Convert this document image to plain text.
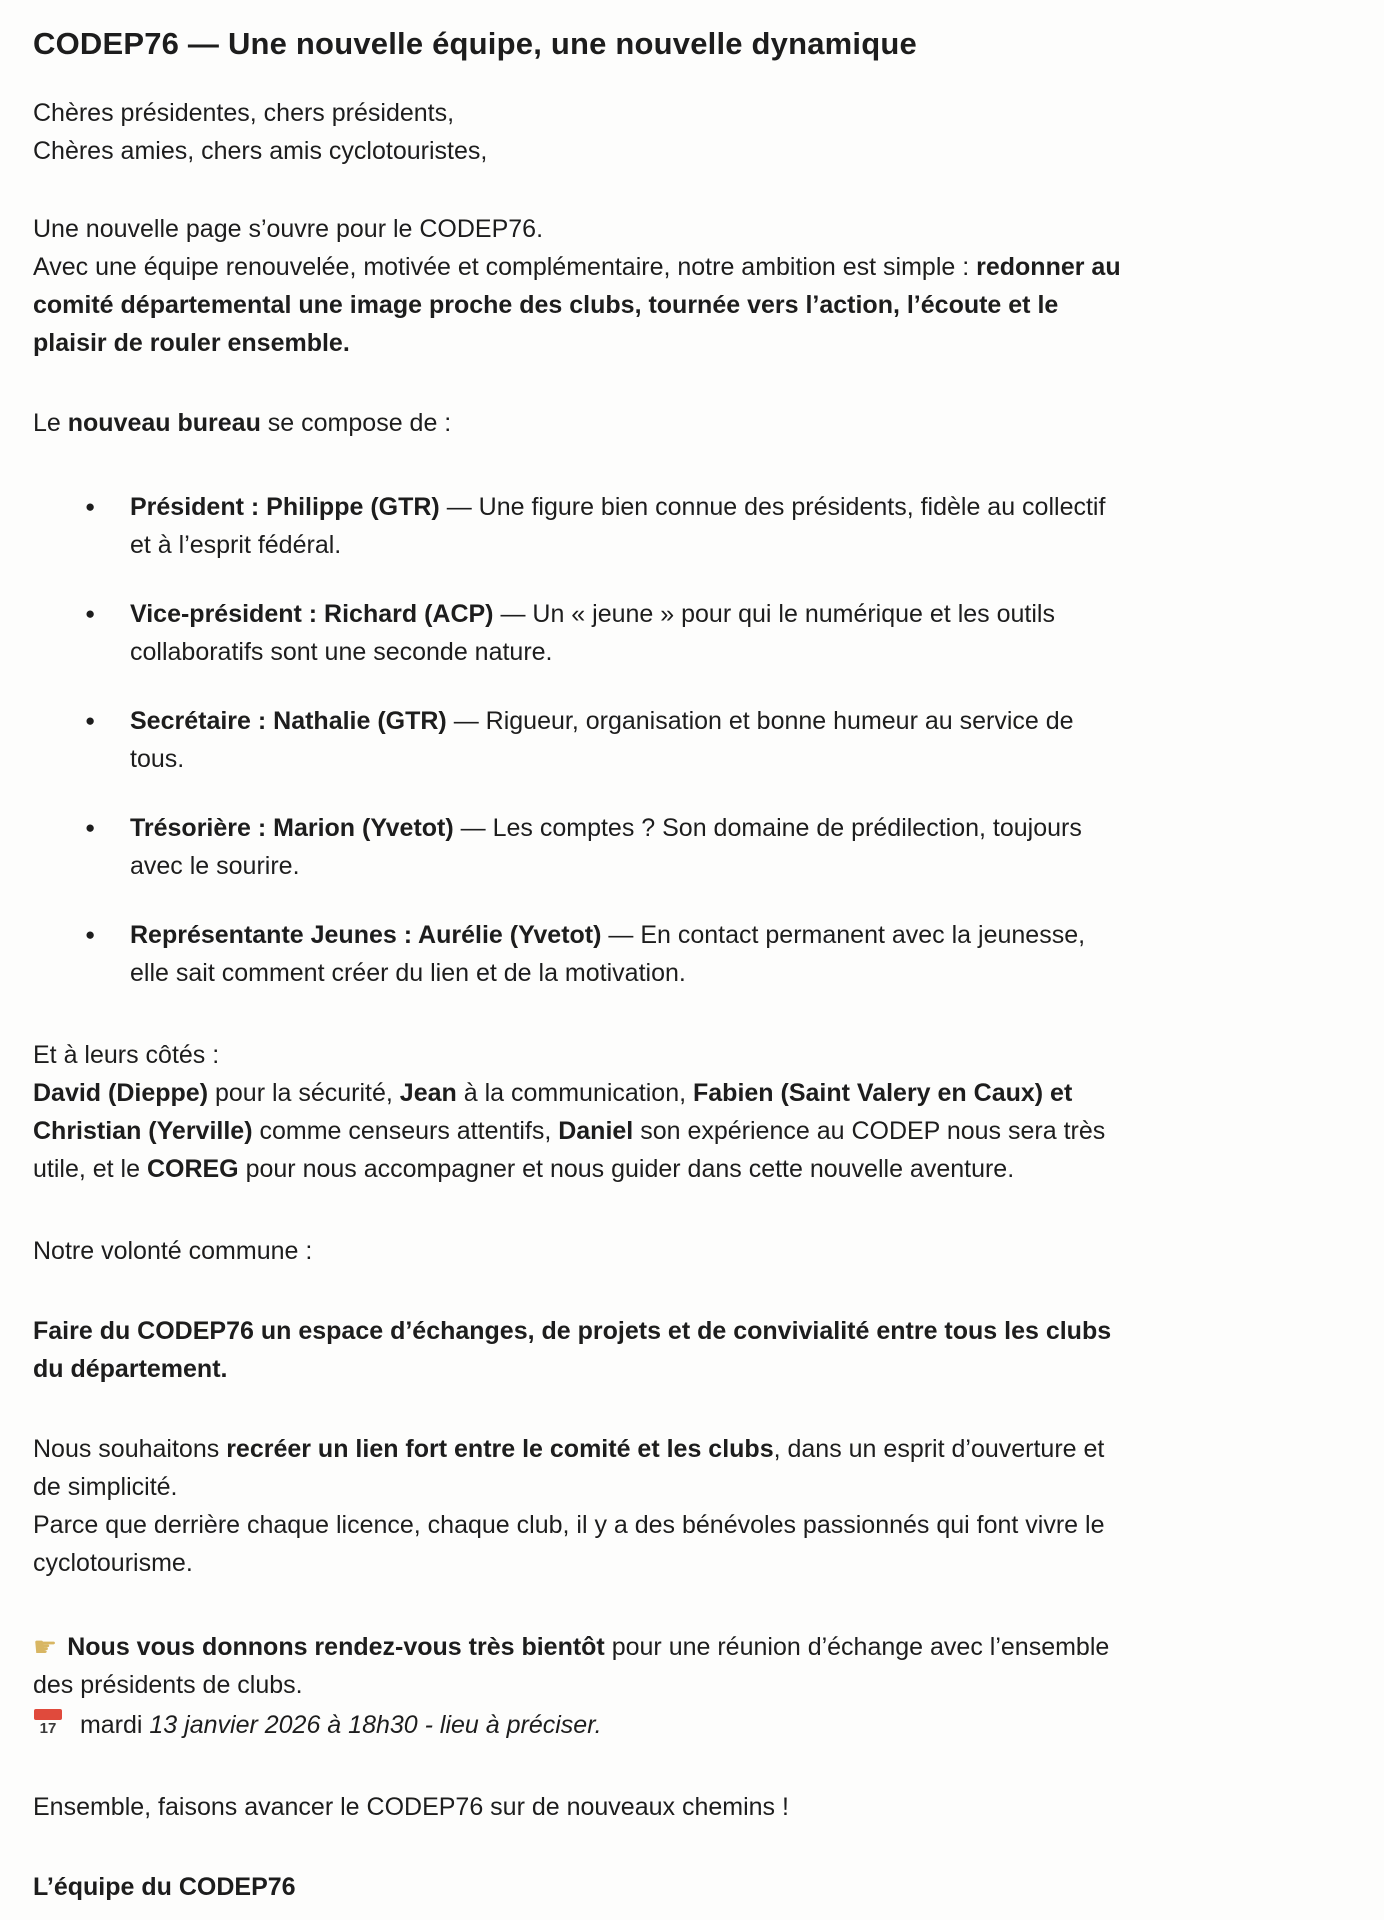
CODEP76 — Une nouvelle équipe, une nouvelle dynamique

Chères présidentes, chers présidents,
Chères amies, chers amis cyclotouristes,

Une nouvelle page s’ouvre pour le CODEP76.
Avec une équipe renouvelée, motivée et complémentaire, notre ambition est simple : redonner au comité départemental une image proche des clubs, tournée vers l’action, l’écoute et le plaisir de rouler ensemble.

Le nouveau bureau se compose de :

●	Président : Philippe (GTR) — Une figure bien connue des présidents, fidèle au collectif et à l’esprit fédéral.
●	Vice-président : Richard (ACP) — Un « jeune » pour qui le numérique et les outils collaboratifs sont une seconde nature.
●	Secrétaire : Nathalie (GTR) — Rigueur, organisation et bonne humeur au service de tous.
●	Trésorière : Marion (Yvetot) — Les comptes ? Son domaine de prédilection, toujours avec le sourire.
●	Représentante Jeunes : Aurélie (Yvetot) — En contact permanent avec la jeunesse, elle sait comment créer du lien et de la motivation.

Et à leurs côtés :
David (Dieppe) pour la sécurité, Jean à la communication, Fabien (Saint Valery en Caux) et Christian (Yerville) comme censeurs attentifs, Daniel son expérience au CODEP nous sera très utile, et le COREG pour nous accompagner et nous guider dans cette nouvelle aventure.

Notre volonté commune :

Faire du CODEP76 un espace d’échanges, de projets et de convivialité entre tous les clubs du département.

Nous souhaitons recréer un lien fort entre le comité et les clubs, dans un esprit d’ouverture et de simplicité.
Parce que derrière chaque licence, chaque club, il y a des bénévoles passionnés qui font vivre le cyclotourisme.

☛ Nous vous donnons rendez-vous très bientôt pour une réunion d’échange avec l’ensemble des présidents de clubs.

17 mardi 13 janvier 2026 à 18h30 - lieu à préciser.

Ensemble, faisons avancer le CODEP76 sur de nouveaux chemins !

L’équipe du CODEP76
